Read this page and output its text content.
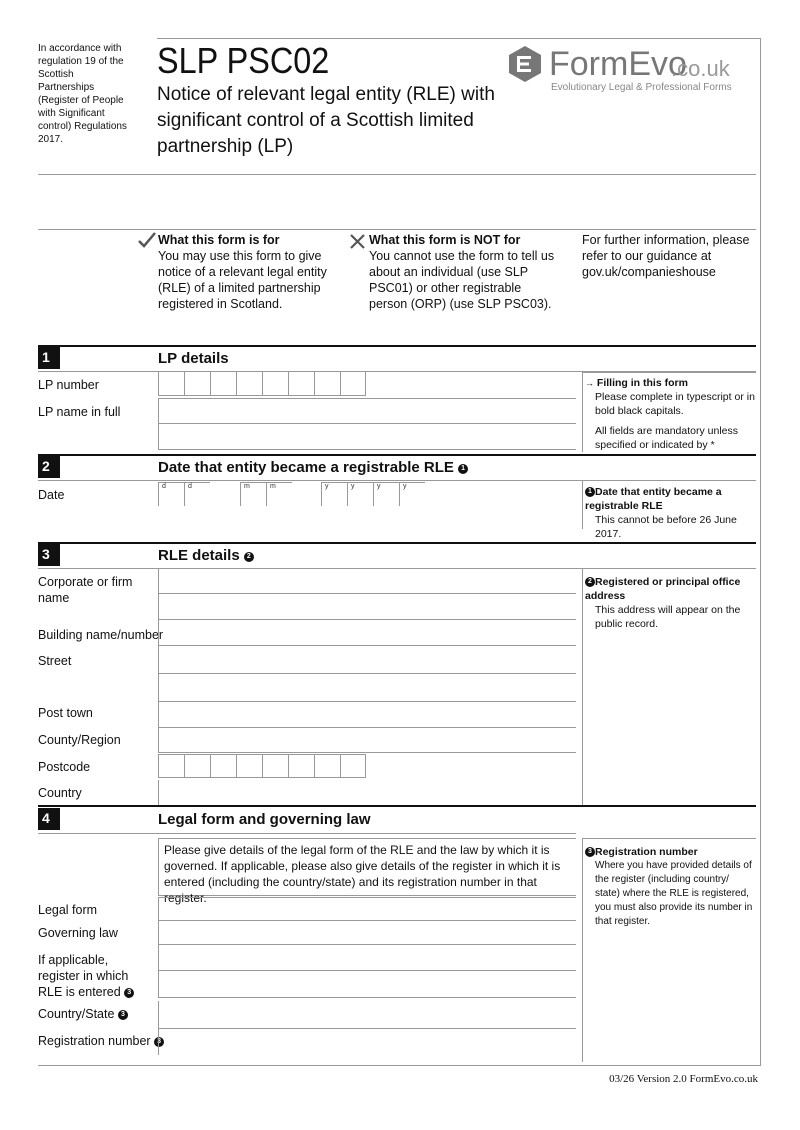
In accordance with regulation 19 of the Scottish Partnerships (Register of People with Significant control) Regulations 2017.
SLP PSC02
Notice of relevant legal entity (RLE) with significant control of a Scottish limited partnership (LP)
FormEvo
.co.uk
Evolutionary Legal & Professional Forms
What this form is for
You may use this form to give notice of a relevant legal entity (RLE) of a limited partnership registered in Scotland.
What this form is NOT for
You cannot use the form to tell us about an individual (use SLP PSC01) or other registrable person (ORP) (use SLP PSC03).
For further information, please refer to our guidance at gov.uk/companieshouse
1	LP details
LP number
LP name in full
→ Filling in this form
Please complete in typescript or in bold black capitals.
All fields are mandatory unless specified or indicated by *
2	Date that entity became a registrable RLE 1
Date
d	d	m	m	y	y	y	y
1 Date that entity became a registrable RLE
This cannot be before 26 June 2017.
3	RLE details 2
Corporate or firm name
Building name/number
Street
Post town
County/Region
Postcode
Country
2 Registered or principal office address
This address will appear on the public record.
4	Legal form and governing law
Please give details of the legal form of the RLE and the law by which it is governed. If applicable, please also give details of the register in which it is entered (including the country/state) and its registration number in that register.
Legal form
Governing law
If applicable, register in which RLE is entered 3
Country/State 3
Registration number 3
3 Registration number
Where you have provided details of the register (including country/ state) where the RLE is registered, you must also provide its number in that register.
03/26 Version 2.0 FormEvo.co.uk
